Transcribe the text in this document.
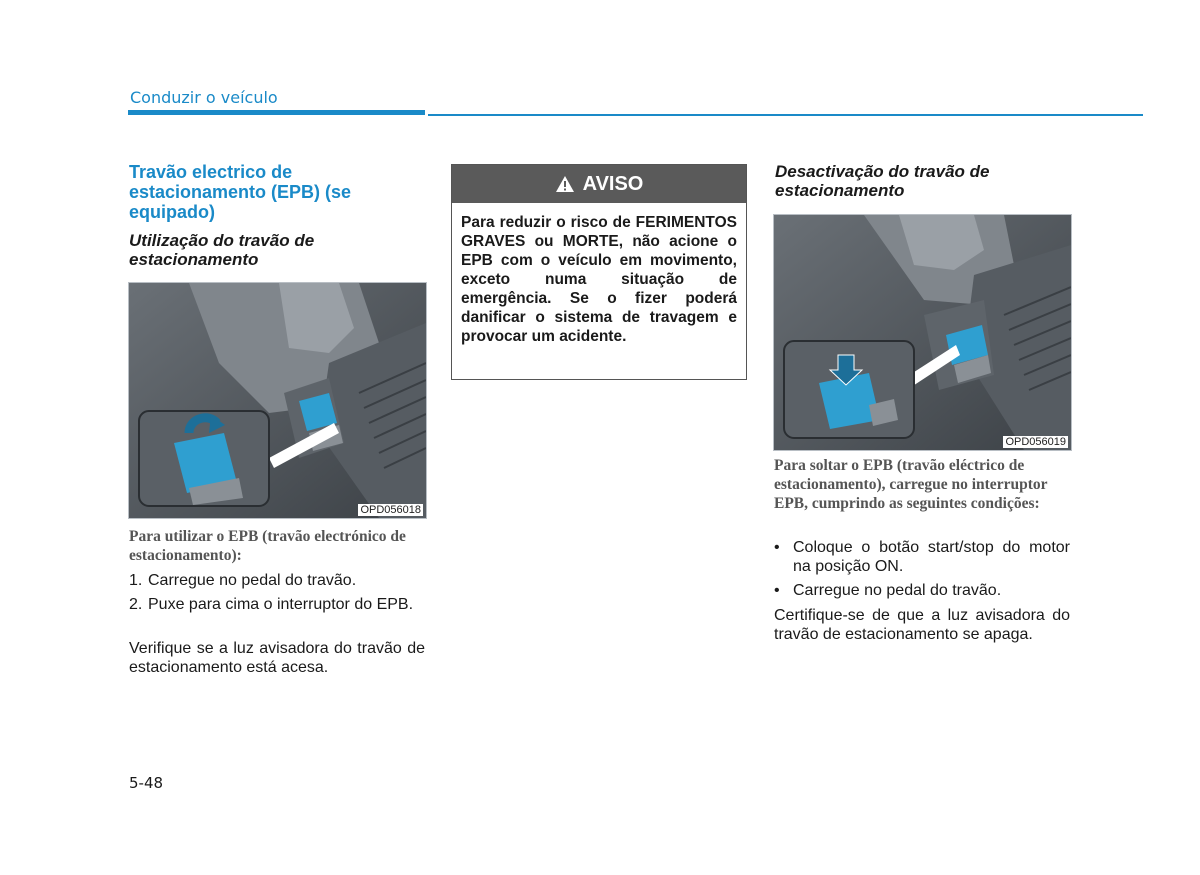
Conduzir o veículo
Travão electrico de estacionamento (EPB) (se equipado)
Utilização do travão de estacionamento
OPD056018
Para utilizar o EPB (travão electrónico de estacionamento):
1. Carregue no pedal do travão.
2. Puxe para cima o interruptor do EPB.
Verifique se a luz avisadora do travão de estacionamento está acesa.
AVISO
Para reduzir o risco de FERIMENTOS GRAVES ou MORTE, não acione o EPB com o veículo em movimento, exceto numa situação de emergência. Se o fizer poderá danificar o sistema de travagem e provocar um acidente.
Desactivação do travão de estacionamento
OPD056019
Para soltar o EPB (travão eléctrico de estacionamento), carregue no interruptor EPB, cumprindo as seguintes condições:
• Coloque o botão start/stop do motor na posição ON.
• Carregue no pedal do travão.
Certifique-se de que a luz avisadora do travão de estacionamento se apaga.
5-48
